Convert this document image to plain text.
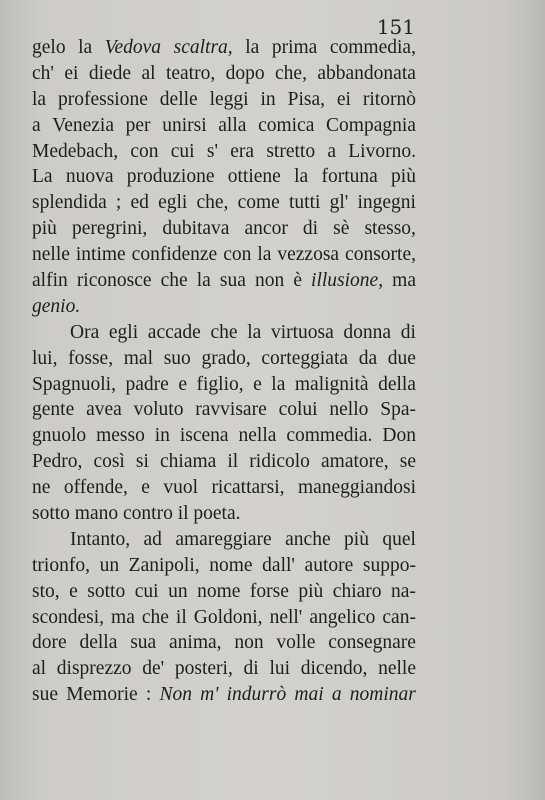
151
gelo la Vedova scaltra, la prima commedia,
ch' ei diede al teatro, dopo che, abbandonata
la professione delle leggi in Pisa, ei ritornò
a Venezia per unirsi alla comica Compagnia
Medebach, con cui s' era stretto a Livorno.
La nuova produzione ottiene la fortuna più
splendida ; ed egli che, come tutti gl' ingegni
più peregrini, dubitava ancor di sè stesso,
nelle intime confidenze con la vezzosa consorte,
alfin riconosce che la sua non è illusione, ma
genio.
Ora egli accade che la virtuosa donna di
lui, fosse, mal suo grado, corteggiata da due
Spagnuoli, padre e figlio, e la malignità della
gente avea voluto ravvisare colui nello Spa-
gnuolo messo in iscena nella commedia. Don
Pedro, così si chiama il ridicolo amatore, se
ne offende, e vuol ricattarsi, maneggiandosi
sotto mano contro il poeta.
Intanto, ad amareggiare anche più quel
trionfo, un Zanipoli, nome dall' autore suppo-
sto, e sotto cui un nome forse più chiaro na-
scondesi, ma che il Goldoni, nell' angelico can-
dore della sua anima, non volle consegnare
al disprezzo de' posteri, di lui dicendo, nelle
sue Memorie : Non m' indurrò mai a nominar
